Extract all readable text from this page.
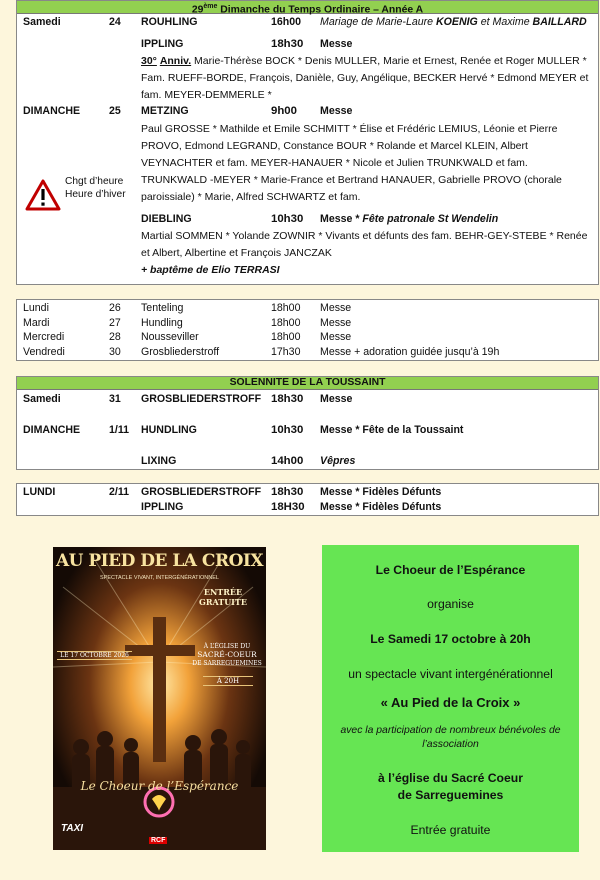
29ème Dimanche du Temps Ordinaire – Année A
Samedi	24 ROUHLING	16h00 Mariage de Marie-Laure KOENIG et Maxime BAILLARD
IPPLING	18h30 Messe
30° Anniv. Marie-Thérèse BOCK * Denis MULLER, Marie et Ernest, Renée et Roger MULLER * Fam. RUEFF-BORDE, François, Danièle, Guy, Angélique, BECKER Hervé * Edmond MEYER et fam. MEYER-DEMMERLE *
DIMANCHE	25 METZING	9h00 Messe
Paul GROSSE * Mathilde et Emile SCHMITT * Élise et Frédéric LEMIUS, Léonie et Pierre PROVO, Edmond LEGRAND, Constance BOUR * Rolande et Marcel KLEIN, Albert VEYNACHTER et fam. MEYER-HANAUER * Nicole et Julien TRUNKWALD et fam. TRUNKWALD -MEYER * Marie-France et Bertrand HANAUER, Gabrielle PROVO (chorale paroissiale) * Marie, Alfred SCHWARTZ et fam.
Chgt d’heure
Heure d’hiver
DIEBLING	10h30 Messe * Fête patronale St Wendelin
Martial SOMMEN * Yolande ZOWNIR * Vivants et défunts des fam. BEHR-GEY-STEBE * Renée et Albert, Albertine et François JANCZAK
+ baptême de Elio TERRASI
Lundi	26 Tenteling	18h00 Messe
Mardi	27 Hundling	18h00 Messe
Mercredi	28 Nousseviller	18h00 Messe
Vendredi	30 Grosbliederstroff	17h30 Messe + adoration guidée jusqu’à 19h
SOLENNITE DE LA TOUSSAINT
Samedi	31 GROSBLIEDERSTROFF 18h30 Messe
DIMANCHE	1/11 HUNDLING	10h30 Messe * Fête de la Toussaint
LIXING	14h00 Vêpres
LUNDI	2/11 GROSBLIEDERSTROFF 18h30 Messe * Fidèles Défunts
IPPLING	18H30 Messe * Fidèles Défunts
AU PIED DE LA CROIX
SPECTACLE VIVANT, INTERGÉNÉRATIONNEL
ENTRÉE GRATUITE
LE 17 OCTOBRE 2026
À L’ÉGLISE DU
SACRÉ-COEUR
DE SARREGUEMINES
À 20H
Le Choeur de l’Espérance
TAXI
RCF
Le Choeur de l’Espérance
organise
Le Samedi 17 octobre à 20h
un spectacle vivant intergénérationnel
« Au Pied de la Croix »
avec la participation de nombreux bénévoles de
l’association
à l’église du Sacré Coeur
de Sarreguemines
Entrée gratuite
